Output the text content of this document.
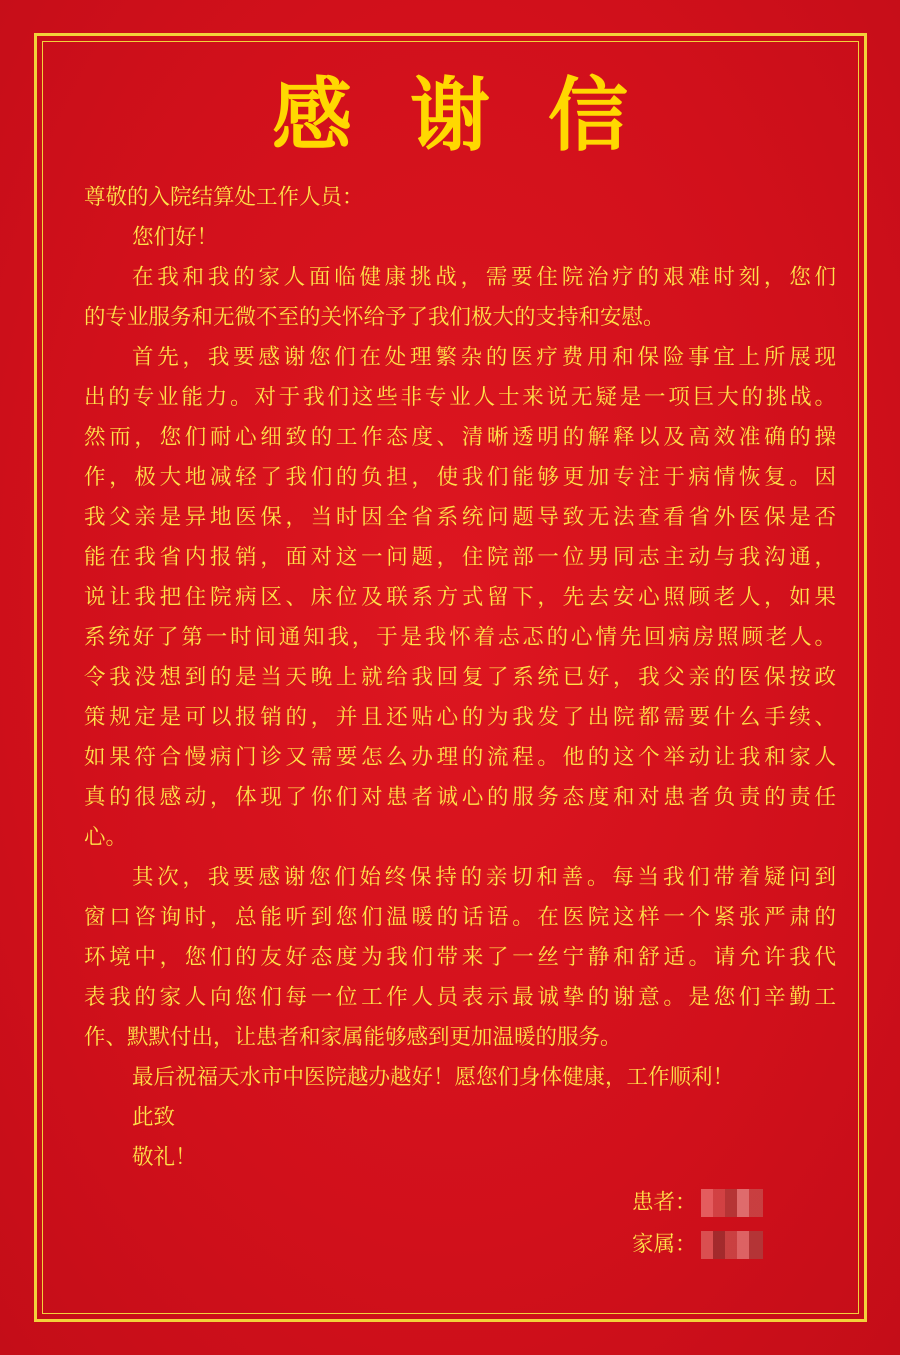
感谢信

尊敬的入院结算处工作人员：

您们好！

在我和我的家人面临健康挑战，需要住院治疗的艰难时刻，您们

的专业服务和无微不至的关怀给予了我们极大的支持和安慰。

首先，我要感谢您们在处理繁杂的医疗费用和保险事宜上所展现

出的专业能力。对于我们这些非专业人士来说无疑是一项巨大的挑战。

然而，您们耐心细致的工作态度、清晰透明的解释以及高效准确的操

作，极大地减轻了我们的负担，使我们能够更加专注于病情恢复。因

我父亲是异地医保，当时因全省系统问题导致无法查看省外医保是否

能在我省内报销，面对这一问题，住院部一位男同志主动与我沟通，

说让我把住院病区、床位及联系方式留下，先去安心照顾老人，如果

系统好了第一时间通知我，于是我怀着忐忑的心情先回病房照顾老人。

令我没想到的是当天晚上就给我回复了系统已好，我父亲的医保按政

策规定是可以报销的，并且还贴心的为我发了出院都需要什么手续、

如果符合慢病门诊又需要怎么办理的流程。他的这个举动让我和家人

真的很感动，体现了你们对患者诚心的服务态度和对患者负责的责任

心。

其次，我要感谢您们始终保持的亲切和善。每当我们带着疑问到

窗口咨询时，总能听到您们温暖的话语。在医院这样一个紧张严肃的

环境中，您们的友好态度为我们带来了一丝宁静和舒适。请允许我代

表我的家人向您们每一位工作人员表示最诚挚的谢意。是您们辛勤工

作、默默付出，让患者和家属能够感到更加温暖的服务。

最后祝福天水市中医院越办越好！愿您们身体健康，工作顺利！

此致

敬礼！

患者：
家属：
